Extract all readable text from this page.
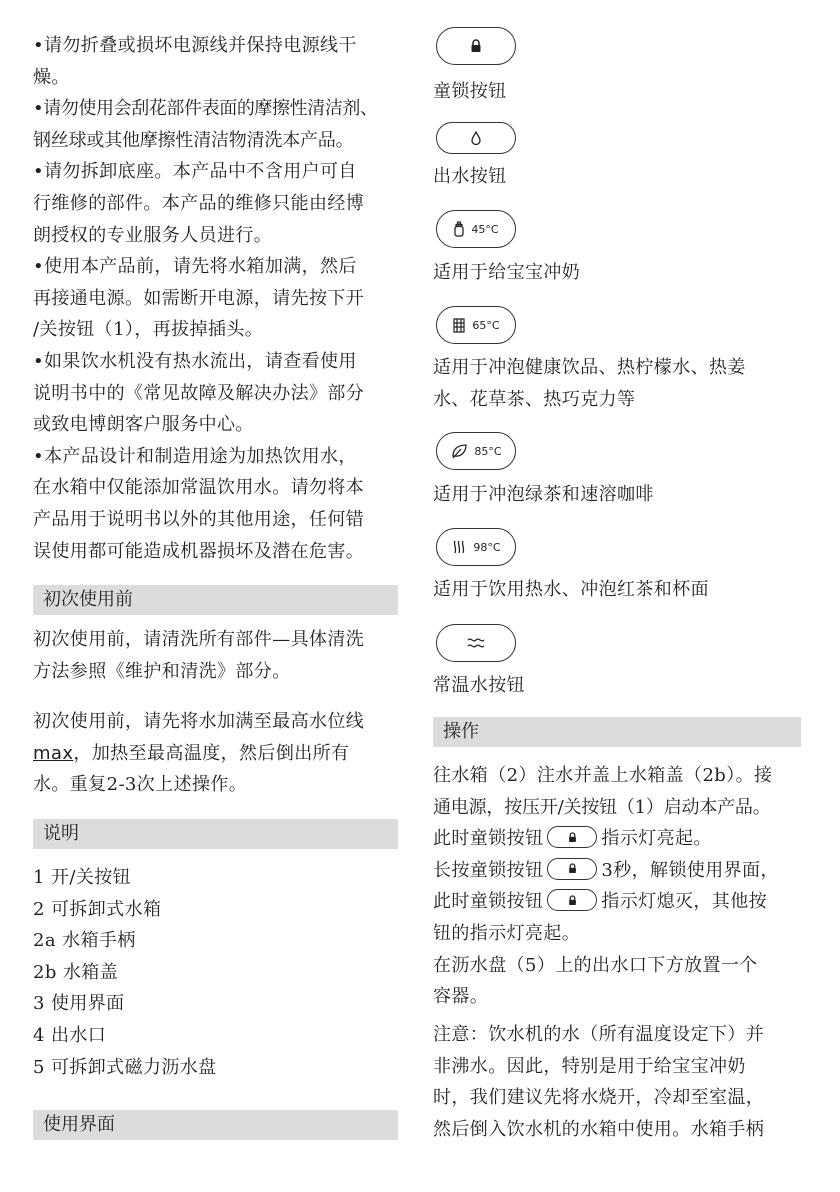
•请勿折叠或损坏电源线并保持电源线干
燥。
•请勿使用会刮花部件表面的摩擦性清洁剂、
钢丝球或其他摩擦性清洁物清洗本产品。
•请勿拆卸底座。本产品中不含用户可自
行维修的部件。本产品的维修只能由经博
朗授权的专业服务人员进行。
•使用本产品前，请先将水箱加满，然后
再接通电源。如需断开电源，请先按下开
/关按钮（1），再拔掉插头。
•如果饮水机没有热水流出，请查看使用
说明书中的《常见故障及解决办法》部分
或致电博朗客户服务中心。
•本产品设计和制造用途为加热饮用水，
在水箱中仅能添加常温饮用水。请勿将本
产品用于说明书以外的其他用途，任何错
误使用都可能造成机器损坏及潜在危害。
初次使用前
初次使用前，请清洗所有部件—具体清洗
方法参照《维护和清洗》部分。
初次使用前，请先将水加满至最高水位线
max，加热至最高温度，然后倒出所有
水。重复2-3次上述操作。
说明
1 开/关按钮
2 可拆卸式水箱
2a 水箱手柄
2b 水箱盖
3 使用界面
4 出水口
5 可拆卸式磁力沥水盘
使用界面
童锁按钮
出水按钮
45°C
适用于给宝宝冲奶
65°C
适用于冲泡健康饮品、热柠檬水、热姜
水、花草茶、热巧克力等
85°C
适用于冲泡绿茶和速溶咖啡
98°C
适用于饮用热水、冲泡红茶和杯面
常温水按钮
操作
往水箱（2）注水并盖上水箱盖（2b）。接
通电源，按压开/关按钮（1）启动本产品。
此时童锁按钮	指示灯亮起。
长按童锁按钮	3秒，解锁使用界面，
此时童锁按钮	指示灯熄灭，其他按
钮的指示灯亮起。
在沥水盘（5）上的出水口下方放置一个
容器。
注意：饮水机的水（所有温度设定下）并
非沸水。因此，特别是用于给宝宝冲奶
时，我们建议先将水烧开，冷却至室温，
然后倒入饮水机的水箱中使用。水箱手柄
